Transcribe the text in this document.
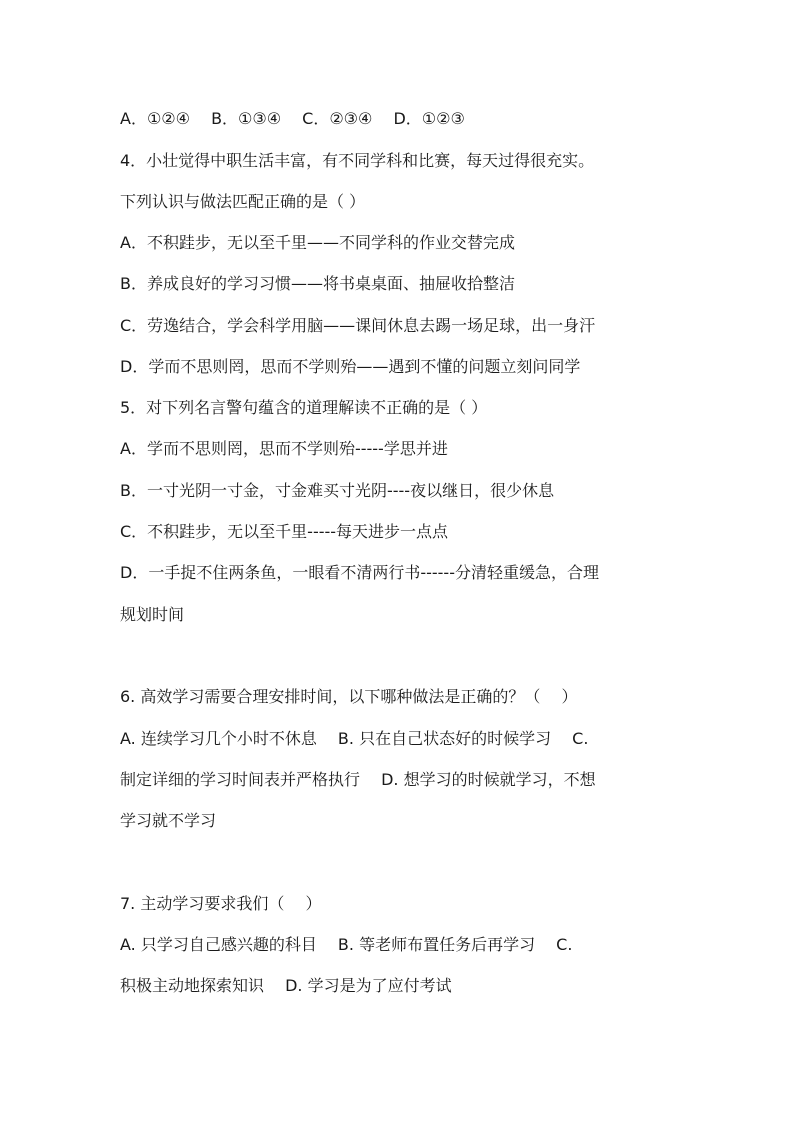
A．①②④　 B．①③④　 C．②③④　 D．①②③

4．小壮觉得中职生活丰富，有不同学科和比赛，每天过得很充实。

下列认识与做法匹配正确的是（ ）

A．不积跬步，无以至千里——不同学科的作业交替完成

B．养成良好的学习习惯——将书桌桌面、抽屉收拾整洁

C．劳逸结合，学会科学用脑——课间休息去踢一场足球，出一身汗

D．学而不思则罔，思而不学则殆——遇到不懂的问题立刻问同学

5．对下列名言警句蕴含的道理解读不正确的是（ ）

A．学而不思则罔，思而不学则殆-----学思并进

B．一寸光阴一寸金，寸金难买寸光阴----夜以继日，很少休息

C．不积跬步，无以至千里-----每天进步一点点

D．一手捉不住两条鱼，一眼看不清两行书------分清轻重缓急，合理

规划时间

6. 高效学习需要合理安排时间，以下哪种做法是正确的？（　 ）

A. 连续学习几个小时不休息　 B. 只在自己状态好的时候学习　 C.

制定详细的学习时间表并严格执行　 D. 想学习的时候就学习，不想

学习就不学习

7. 主动学习要求我们（　 ）

A. 只学习自己感兴趣的科目　 B. 等老师布置任务后再学习　 C.

积极主动地探索知识　 D. 学习是为了应付考试
